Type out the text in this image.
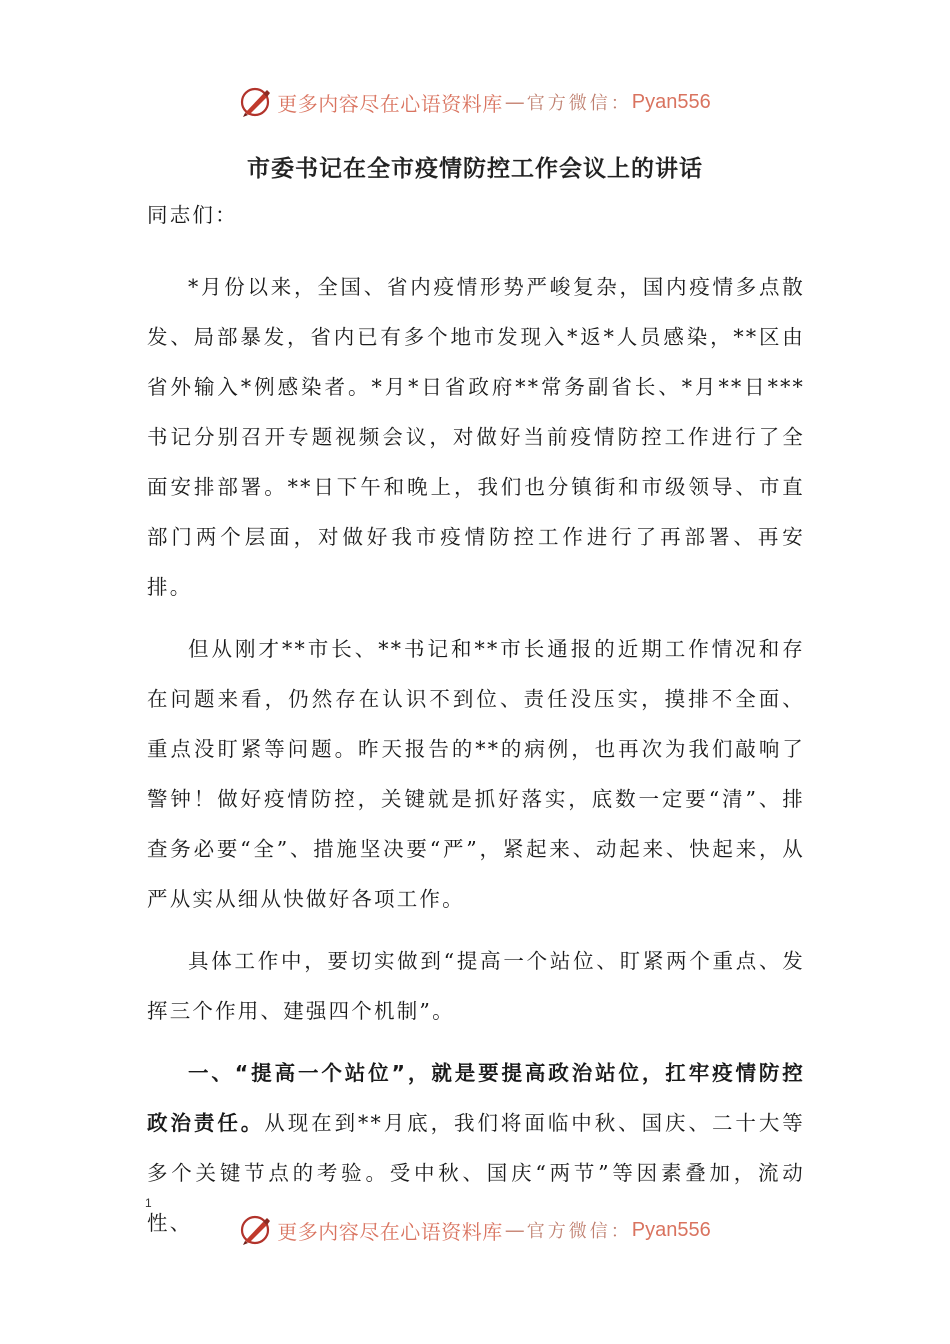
更多内容尽在心语资料库 — 官方微信： Pyan556
市委书记在全市疫情防控工作会议上的讲话

同志们：

*月份以来，全国、省内疫情形势严峻复杂，国内疫情多点散发、局部暴发，省内已有多个地市发现入*返*人员感染，**区由省外输入*例感染者。*月*日省政府**常务副省长、*月**日***书记分别召开专题视频会议，对做好当前疫情防控工作进行了全面安排部署。**日下午和晚上，我们也分镇街和市级领导、市直部门两个层面，对做好我市疫情防控工作进行了再部署、再安排。

但从刚才**市长、**书记和**市长通报的近期工作情况和存在问题来看，仍然存在认识不到位、责任没压实，摸排不全面、重点没盯紧等问题。昨天报告的**的病例，也再次为我们敲响了警钟！做好疫情防控，关键就是抓好落实，底数一定要“清”、排查务必要“全”、措施坚决要“严”，紧起来、动起来、快起来，从严从实从细从快做好各项工作。

具体工作中，要切实做到“提高一个站位、盯紧两个重点、发挥三个作用、建强四个机制”。

一、“提高一个站位”，就是要提高政治站位，扛牢疫情防控政治责任。从现在到**月底，我们将面临中秋、国庆、二十大等多个关键节点的考验。受中秋、国庆“两节”等因素叠加，流动性、

1
更多内容尽在心语资料库 — 官方微信： Pyan556
